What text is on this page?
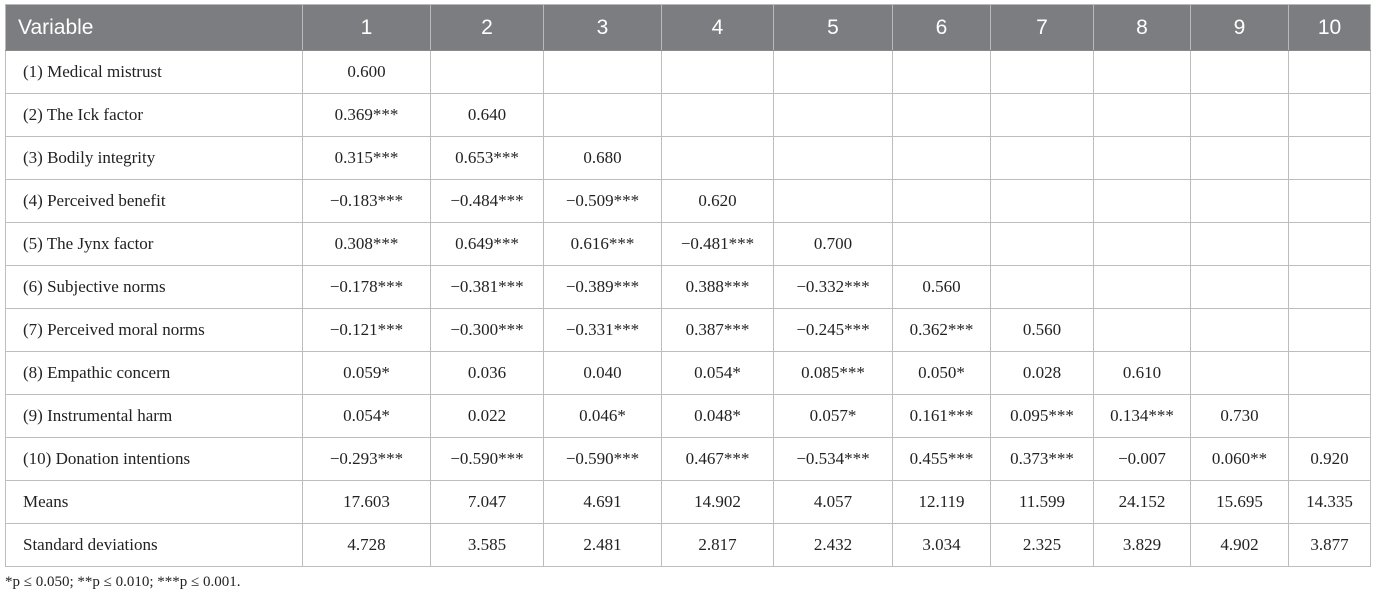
Variable	1	2	3	4	5	6	7	8	9	10
(1) Medical mistrust	0.600									
(2) The Ick factor	0.369***	0.640								
(3) Bodily integrity	0.315***	0.653***	0.680							
(4) Perceived benefit	−0.183***	−0.484***	−0.509***	0.620						
(5) The Jynx factor	0.308***	0.649***	0.616***	−0.481***	0.700					
(6) Subjective norms	−0.178***	−0.381***	−0.389***	0.388***	−0.332***	0.560				
(7) Perceived moral norms	−0.121***	−0.300***	−0.331***	0.387***	−0.245***	0.362***	0.560			
(8) Empathic concern	0.059*	0.036	0.040	0.054*	0.085***	0.050*	0.028	0.610		
(9) Instrumental harm	0.054*	0.022	0.046*	0.048*	0.057*	0.161***	0.095***	0.134***	0.730	
(10) Donation intentions	−0.293***	−0.590***	−0.590***	0.467***	−0.534***	0.455***	0.373***	−0.007	0.060**	0.920
Means	17.603	7.047	4.691	14.902	4.057	12.119	11.599	24.152	15.695	14.335
Standard deviations	4.728	3.585	2.481	2.817	2.432	3.034	2.325	3.829	4.902	3.877
*p ≤ 0.050; **p ≤ 0.010; ***p ≤ 0.001.
